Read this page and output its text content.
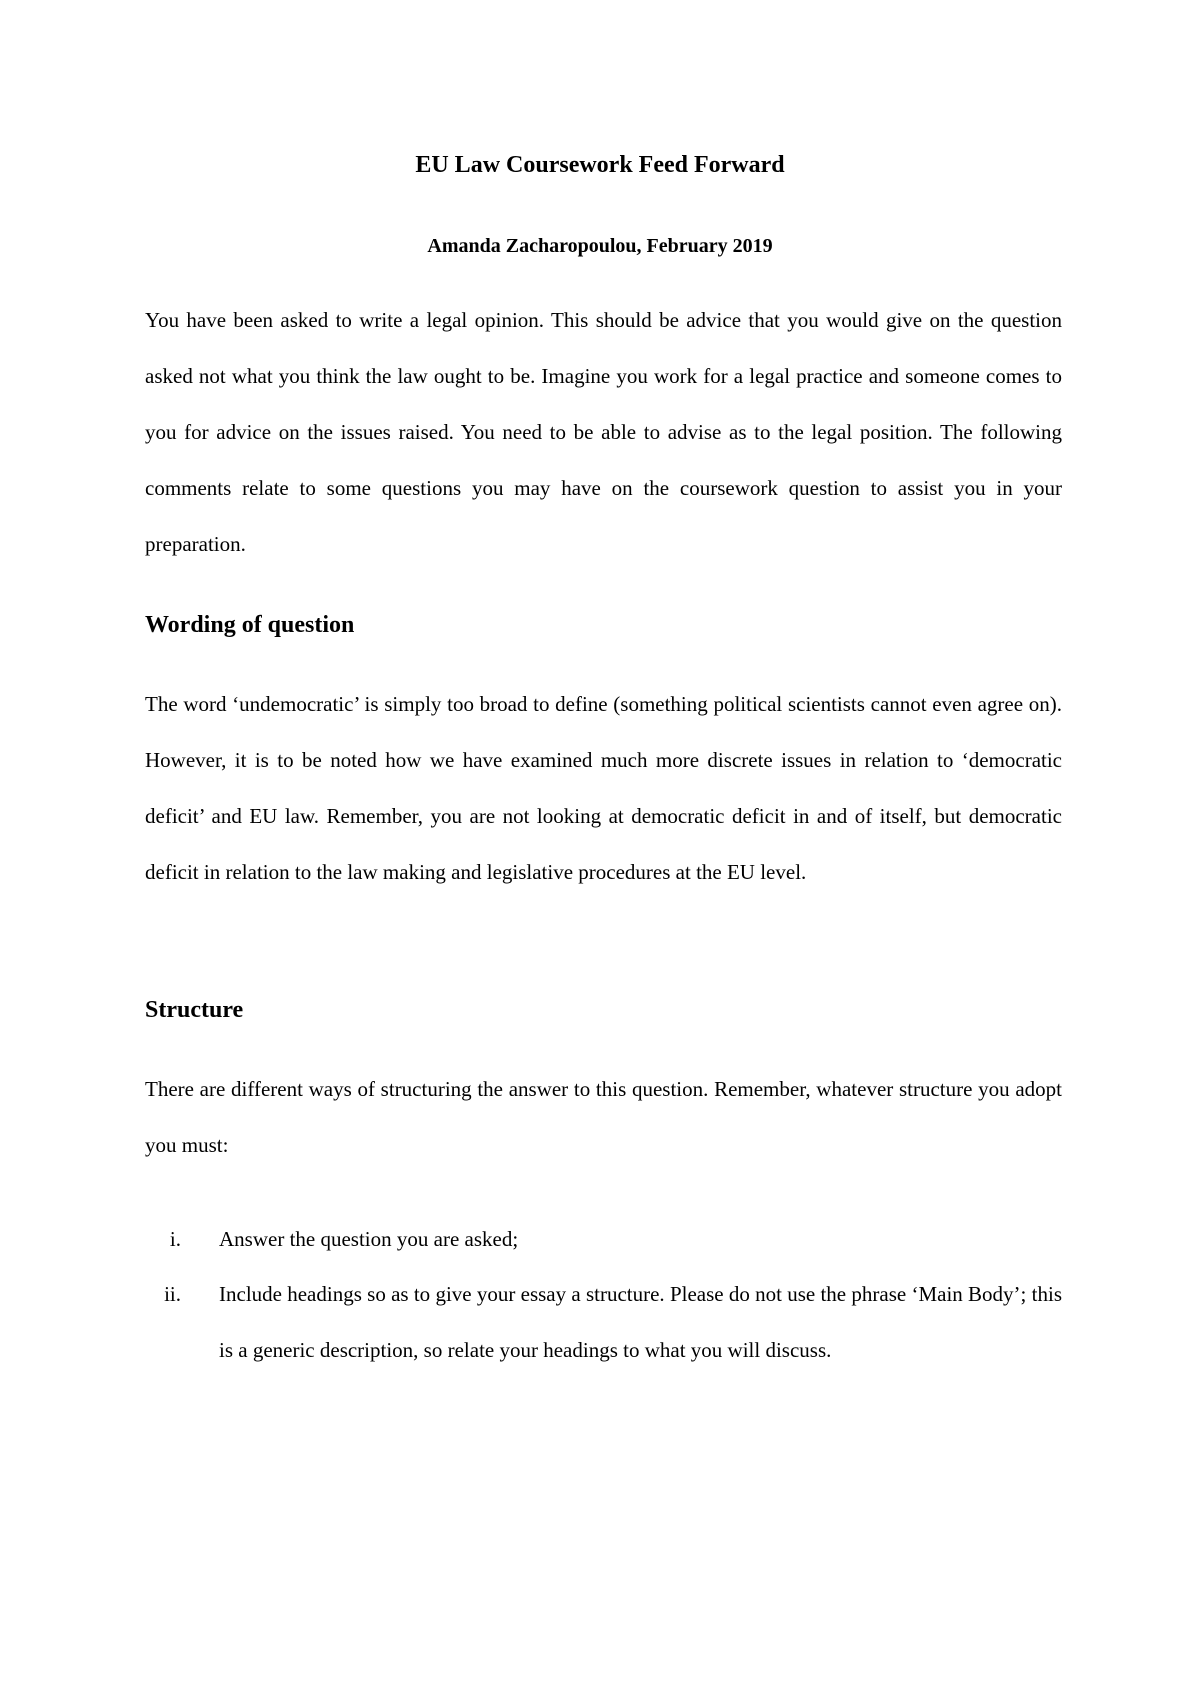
EU Law Coursework Feed Forward
Amanda Zacharopoulou, February 2019

You have been asked to write a legal opinion. This should be advice that you would give on the question asked not what you think the law ought to be. Imagine you work for a legal practice and someone comes to you for advice on the issues raised. You need to be able to advise as to the legal position. The following comments relate to some questions you may have on the coursework question to assist you in your preparation.

Wording of question

The word ‘undemocratic’ is simply too broad to define (something political scientists cannot even agree on). However, it is to be noted how we have examined much more discrete issues in relation to ‘democratic deficit’ and EU law. Remember, you are not looking at democratic deficit in and of itself, but democratic deficit in relation to the law making and legislative procedures at the EU level.

Structure

There are different ways of structuring the answer to this question. Remember, whatever structure you adopt you must:

i. Answer the question you are asked;
ii. Include headings so as to give your essay a structure. Please do not use the phrase ‘Main Body’; this is a generic description, so relate your headings to what you will discuss.
